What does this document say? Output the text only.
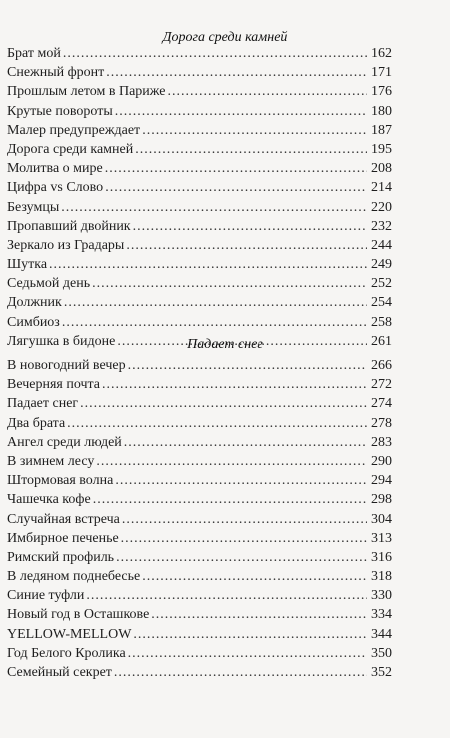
Дорога среди камней
Брат мой .....	162
Снежный фронт .....	171
Прошлым летом в Париже .....	176
Крутые повороты .....	180
Малер предупреждает .....	187
Дорога среди камней .....	195
Молитва о мире .....	208
Цифра vs Слово .....	214
Безумцы .....	220
Пропавший двойник .....	232
Зеркало из Градары .....	244
Шутка .....	249
Седьмой день .....	252
Должник .....	254
Симбиоз .....	258
Лягушка в бидоне .....	261
Падает снег
В новогодний вечер .....	266
Вечерняя почта .....	272
Падает снег .....	274
Два брата .....	278
Ангел среди людей .....	283
В зимнем лесу .....	290
Штормовая волна .....	294
Чашечка кофе .....	298
Случайная встреча .....	304
Имбирное печенье .....	313
Римский профиль .....	316
В ледяном поднебесье .....	318
Синие туфли .....	330
Новый год в Осташкове .....	334
YELLOW-MELLOW .....	344
Год Белого Кролика .....	350
Семейный секрет .....	352
